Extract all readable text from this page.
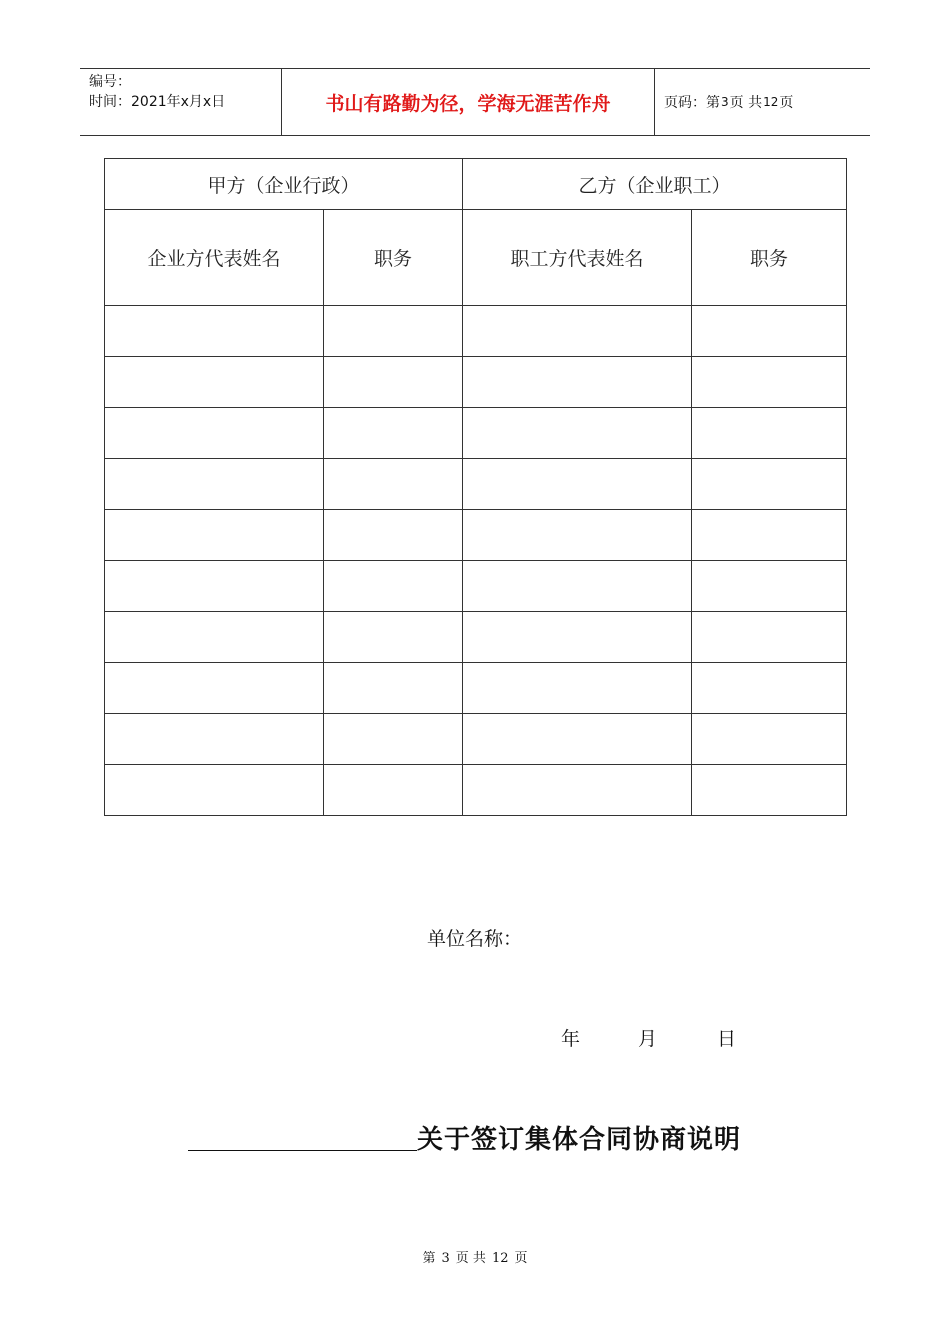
编号：
时间：2021年x月x日	书山有路勤为径，学海无涯苦作舟	页码：第 3 页 共 12 页
甲方（企业行政）		乙方（企业职工）	
企业方代表姓名	职务	职工方代表姓名	职务

单位名称：
年	月	日
关于签订集体合同协商说明
第 3 页 共 12 页
